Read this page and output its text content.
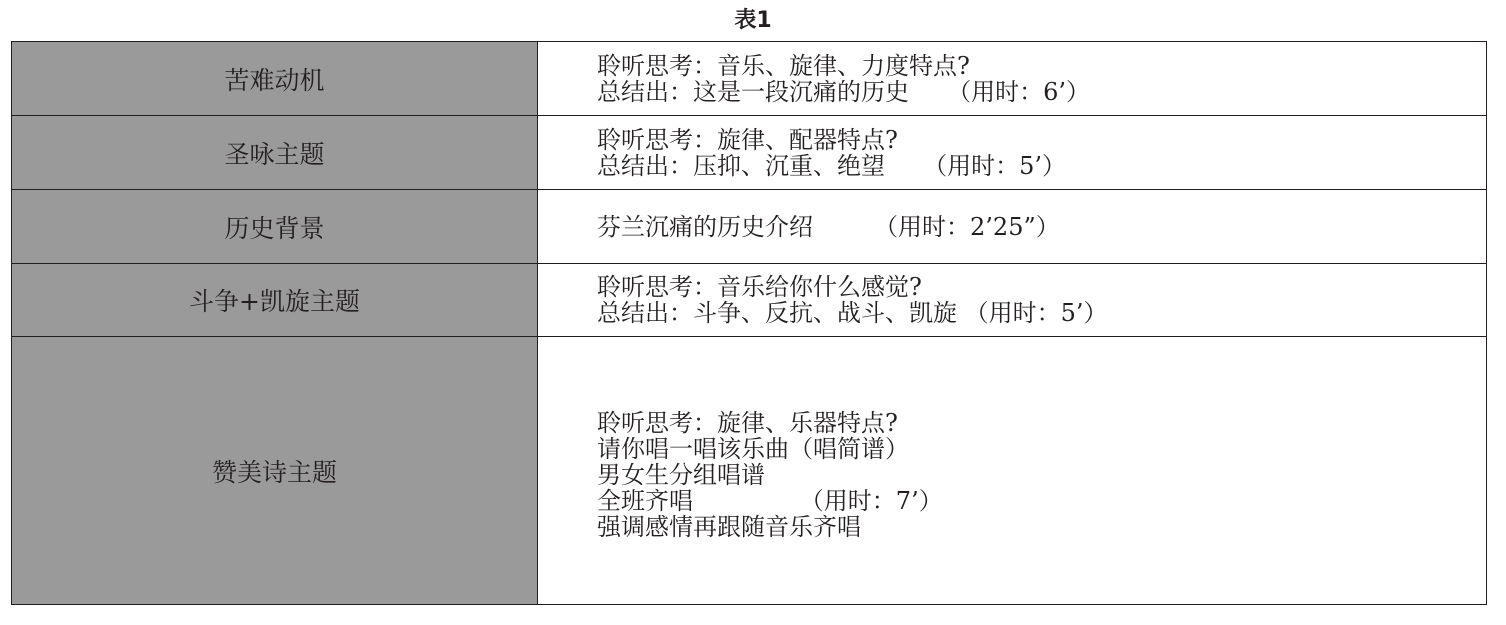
表1
苦难动机	聆听思考：音乐、旋律、力度特点?
总结出：这是一段沉痛的历史     （用时：6’）

圣咏主题	聆听思考：旋律、配器特点?
总结出：压抑、沉重、绝望     （用时：5’）

历史背景	芬兰沉痛的历史介绍        （用时：2’25”）

斗争+凯旋主题	聆听思考：音乐给你什么感觉?
总结出：斗争、反抗、战斗、凯旋 （用时：5’）

赞美诗主题	聆听思考：旋律、乐器特点?
请你唱一唱该乐曲（唱简谱）
男女生分组唱谱
全班齐唱              （用时：7’）
强调感情再跟随音乐齐唱
